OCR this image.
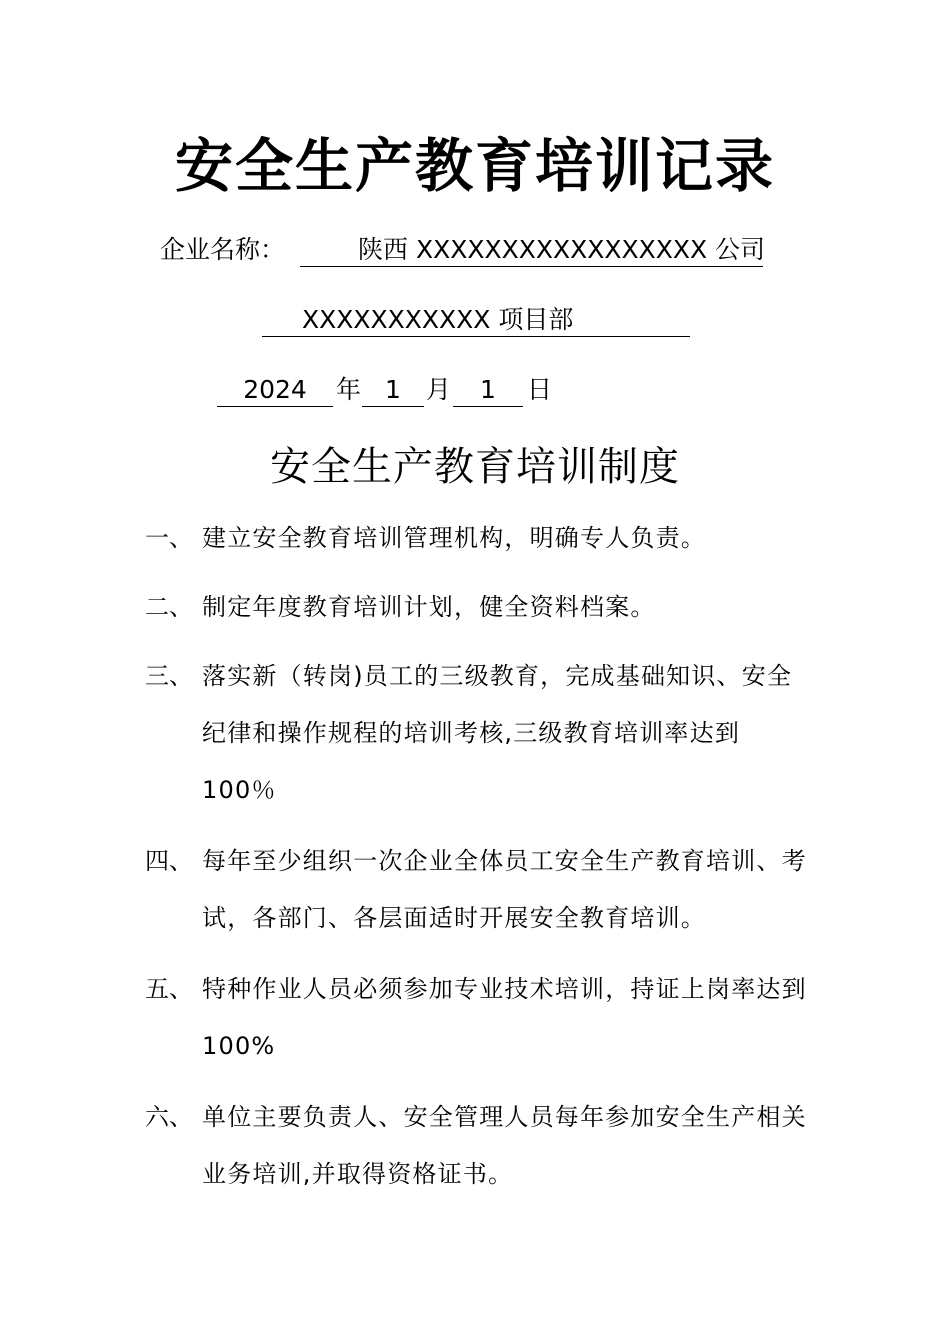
安全生产教育培训记录
企业名称：	陕西 XXXXXXXXXXXXXXXXX 公司
XXXXXXXXXXX 项目部
2024	年 1	月	1	日
安全生产教育培训制度
一、 建立安全教育培训管理机构，明确专人负责。
二、 制定年度教育培训计划，健全资料档案。
三、 落实新（转岗)员工的三级教育，完成基础知识、安全纪律和操作规程的培训考核,三级教育培训率达到 100％
四、 每年至少组织一次企业全体员工安全生产教育培训、考试，各部门、各层面适时开展安全教育培训。
五、 特种作业人员必须参加专业技术培训，持证上岗率达到 100%
六、 单位主要负责人、安全管理人员每年参加安全生产相关业务培训,并取得资格证书。
